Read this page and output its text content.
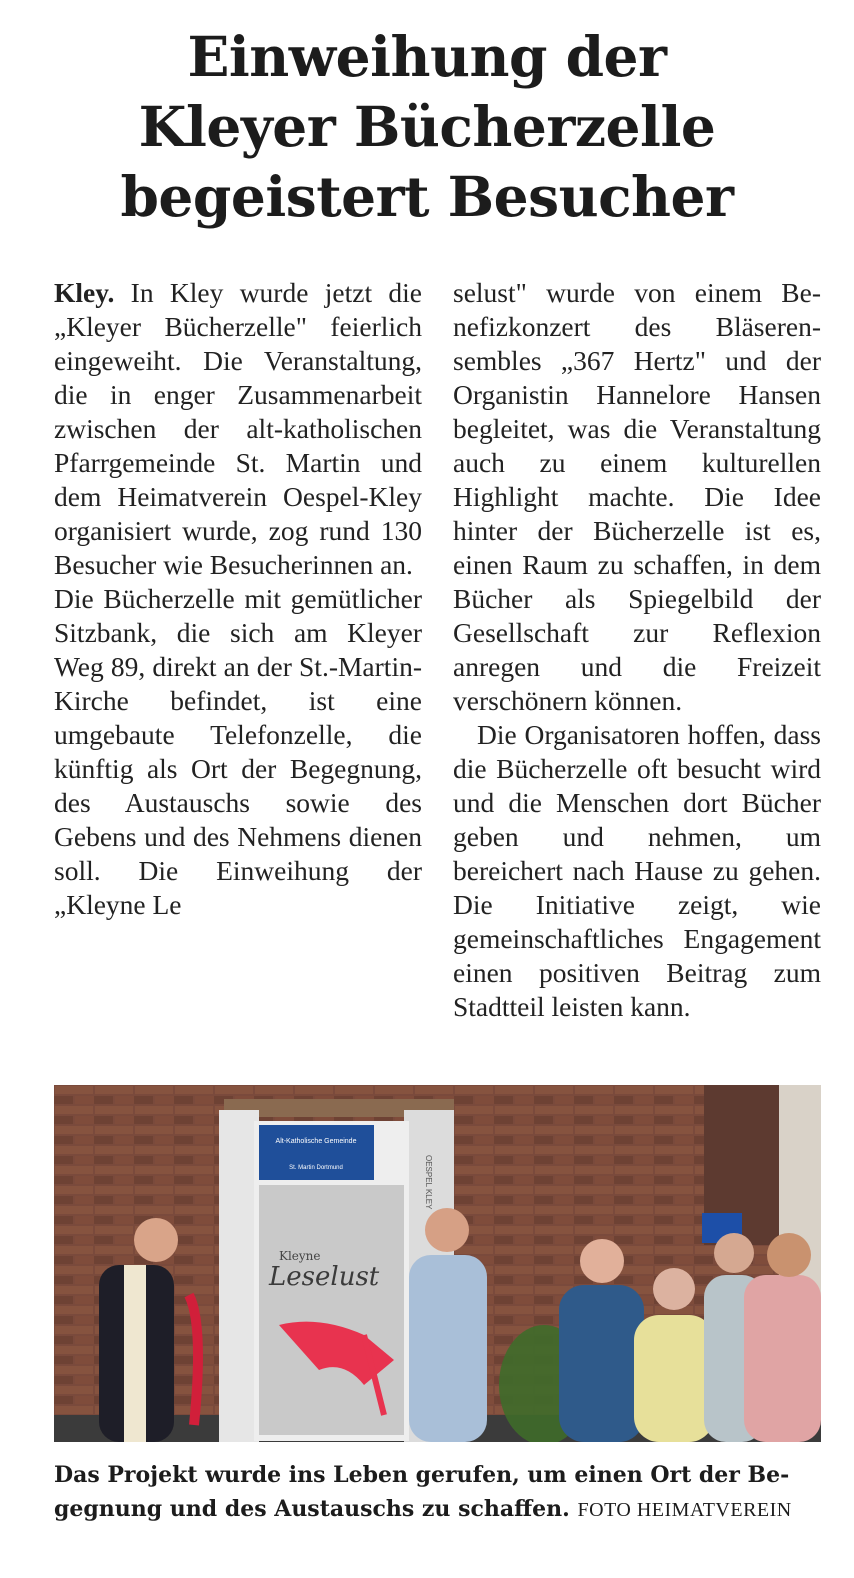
Einweihung der
Kleyer Bücherzelle
begeistert Besucher

Kley. In Kley wurde jetzt die „Kleyer Bücherzelle" feierlich eingeweiht. Die Veranstaltung, die in enger Zusammenarbeit zwischen der alt-katholischen Pfarrgemeinde St. Martin und dem Heimatverein Oespel-Kley organisiert wurde, zog rund 130 Besucher wie Besucherinnen an.

Die Bücherzelle mit gemütlicher Sitzbank, die sich am Kleyer Weg 89, direkt an der St.-Martin-Kirche befindet, ist eine umgebaute Telefonzelle, die künftig als Ort der Begegnung, des Austauschs sowie des Gebens und des Nehmens dienen soll. Die Einweihung der „Kleyne Le

selust" wurde von einem Benefizkonzert des Bläserensembles „367 Hertz" und der Organistin Hannelore Hansen begleitet, was die Veranstaltung auch zu einem kulturellen Highlight machte. Die Idee hinter der Bücherzelle ist es, einen Raum zu schaffen, in dem Bücher als Spiegelbild der Gesellschaft zur Reflexion anregen und die Freizeit verschönern können.

Die Organisatoren hoffen, dass die Bücherzelle oft besucht wird und die Menschen dort Bücher geben und nehmen, um bereichert nach Hause zu gehen. Die Initiative zeigt, wie gemeinschaftliches Engagement einen positiven Beitrag zum Stadtteil leisten kann.

Alt-Katholische Gemeinde
St. Martin Dortmund
Kleyne
Leselust
OESPEL KLEY

Das Projekt wurde ins Leben gerufen, um einen Ort der Begegnung und des Austauschs zu schaffen. FOTO HEIMATVEREIN
